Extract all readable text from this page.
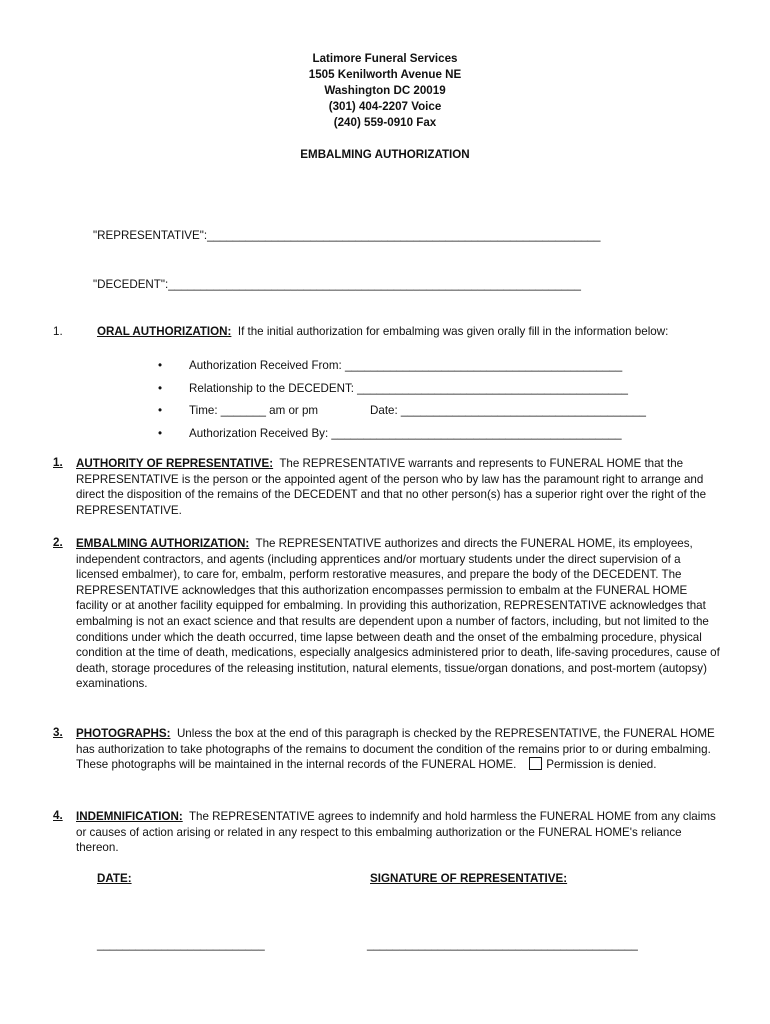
Latimore Funeral Services
1505 Kenilworth Avenue NE
Washington DC 20019
(301) 404-2207 Voice
(240) 559-0910 Fax
EMBALMING AUTHORIZATION
"REPRESENTATIVE":_____________________________________________________________
"DECEDENT":________________________________________________________________
1.	ORAL AUTHORIZATION: If the initial authorization for embalming was given orally fill in the information below:
• Authorization Received From: ___________________________________________
• Relationship to the DECEDENT: __________________________________________
• Time: _______ am or pm	Date: ______________________________________
• Authorization Received By: _____________________________________________
1. AUTHORITY OF REPRESENTATIVE: The REPRESENTATIVE warrants and represents to FUNERAL HOME that the REPRESENTATIVE is the person or the appointed agent of the person who by law has the paramount right to arrange and direct the disposition of the remains of the DECEDENT and that no other person(s) has a superior right over the right of the REPRESENTATIVE.
2. EMBALMING AUTHORIZATION: The REPRESENTATIVE authorizes and directs the FUNERAL HOME, its employees, independent contractors, and agents (including apprentices and/or mortuary students under the direct supervision of a licensed embalmer), to care for, embalm, perform restorative measures, and prepare the body of the DECEDENT. The REPRESENTATIVE acknowledges that this authorization encompasses permission to embalm at the FUNERAL HOME facility or at another facility equipped for embalming. In providing this authorization, REPRESENTATIVE acknowledges that embalming is not an exact science and that results are dependent upon a number of factors, including, but not limited to the conditions under which the death occurred, time lapse between death and the onset of the embalming procedure, physical condition at the time of death, medications, especially analgesics administered prior to death, life-saving procedures, cause of death, storage procedures of the releasing institution, natural elements, tissue/organ donations, and post-mortem (autopsy) examinations.
3. PHOTOGRAPHS: Unless the box at the end of this paragraph is checked by the REPRESENTATIVE, the FUNERAL HOME has authorization to take photographs of the remains to document the condition of the remains prior to or during embalming. These photographs will be maintained in the internal records of the FUNERAL HOME.	Permission is denied.
4. INDEMNIFICATION: The REPRESENTATIVE agrees to indemnify and hold harmless the FUNERAL HOME from any claims or causes of action arising or related in any respect to this embalming authorization or the FUNERAL HOME's reliance thereon.
DATE:	SIGNATURE OF REPRESENTATIVE:
__________________________	__________________________________________
